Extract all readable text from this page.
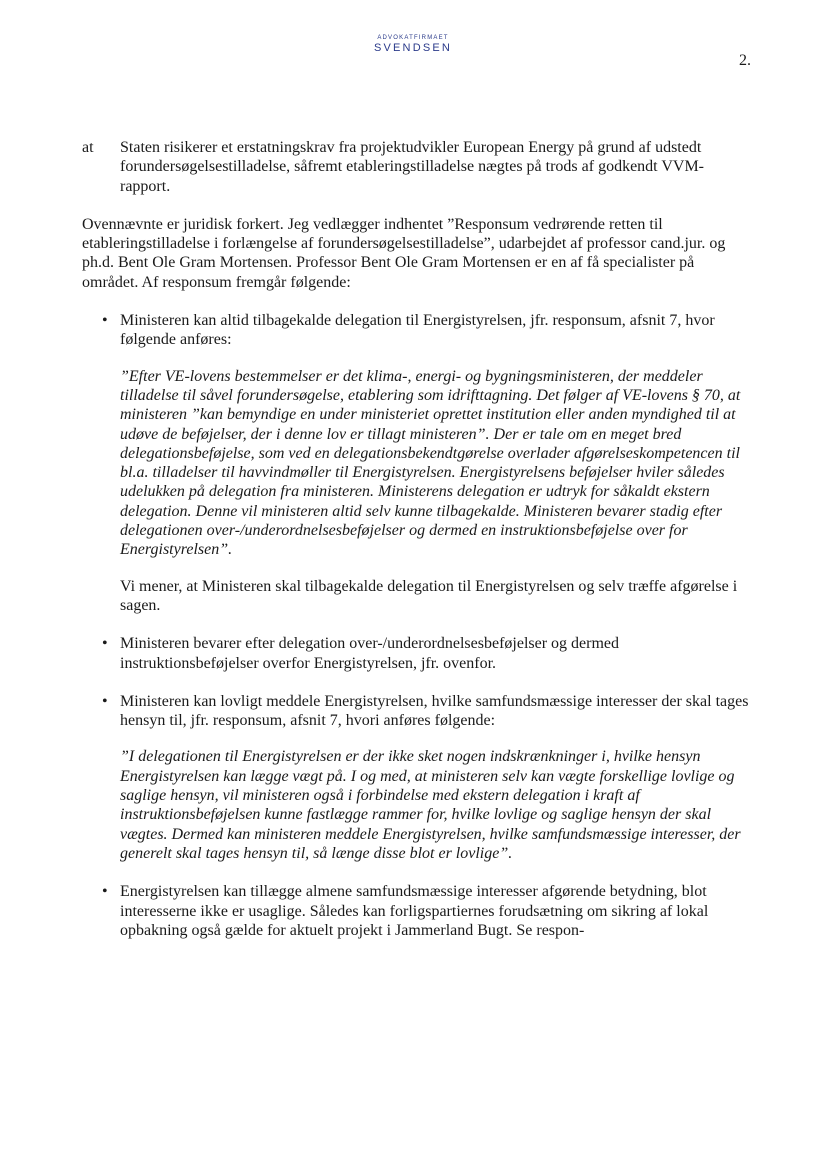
ADVOKATFIRMAET
SVENDSEN
2.
at	Staten risikerer et erstatningskrav fra projektudvikler European Energy på grund af udstedt forundersøgelsestilladelse, såfremt etableringstilladelse nægtes på trods af godkendt VVM-rapport.

Ovennævnte er juridisk forkert. Jeg vedlægger indhentet ”Responsum vedrørende retten til etableringstilladelse i forlængelse af forundersøgelsestilladelse”, udarbejdet af professor cand.jur. og ph.d. Bent Ole Gram Mortensen. Professor Bent Ole Gram Mortensen er en af få specialister på området. Af responsum fremgår følgende:

• Ministeren kan altid tilbagekalde delegation til Energistyrelsen, jfr. responsum, afsnit 7, hvor følgende anføres:

”Efter VE-lovens bestemmelser er det klima-, energi- og bygningsministeren, der meddeler tilladelse til såvel forundersøgelse, etablering som idrifttagning. Det følger af VE-lovens § 70, at ministeren ”kan bemyndige en under ministeriet oprettet institution eller anden myndighed til at udøve de beføjelser, der i denne lov er tillagt ministeren”. Der er tale om en meget bred delegationsbeføjelse, som ved en delegationsbekendtgørelse overlader afgørelseskompetencen til bl.a. tilladelser til havvindmøller til Energistyrelsen. Energistyrelsens beføjelser hviler således udelukken på delegation fra ministeren. Ministerens delegation er udtryk for såkaldt ekstern delegation. Denne vil ministeren altid selv kunne tilbagekalde. Ministeren bevarer stadig efter delegationen over-/underordnelsesbeføjelser og dermed en instruktionsbeføjelse over for Energistyrelsen”.

Vi mener, at Ministeren skal tilbagekalde delegation til Energistyrelsen og selv træffe afgørelse i sagen.

• Ministeren bevarer efter delegation over-/underordnelsesbeføjelser og dermed instruktionsbeføjelser overfor Energistyrelsen, jfr. ovenfor.

• Ministeren kan lovligt meddele Energistyrelsen, hvilke samfundsmæssige interesser der skal tages hensyn til, jfr. responsum, afsnit 7, hvori anføres følgende:

”I delegationen til Energistyrelsen er der ikke sket nogen indskrænkninger i, hvilke hensyn Energistyrelsen kan lægge vægt på. I og med, at ministeren selv kan vægte forskellige lovlige og saglige hensyn, vil ministeren også i forbindelse med ekstern delegation i kraft af instruktionsbeføjelsen kunne fastlægge rammer for, hvilke lovlige og saglige hensyn der skal vægtes. Dermed kan ministeren meddele Energistyrelsen, hvilke samfundsmæssige interesser, der generelt skal tages hensyn til, så længe disse blot er lovlige”.

• Energistyrelsen kan tillægge almene samfundsmæssige interesser afgørende betydning, blot interesserne ikke er usaglige. Således kan forligspartiernes forudsætning om sikring af lokal opbakning også gælde for aktuelt projekt i Jammerland Bugt. Se respon-
